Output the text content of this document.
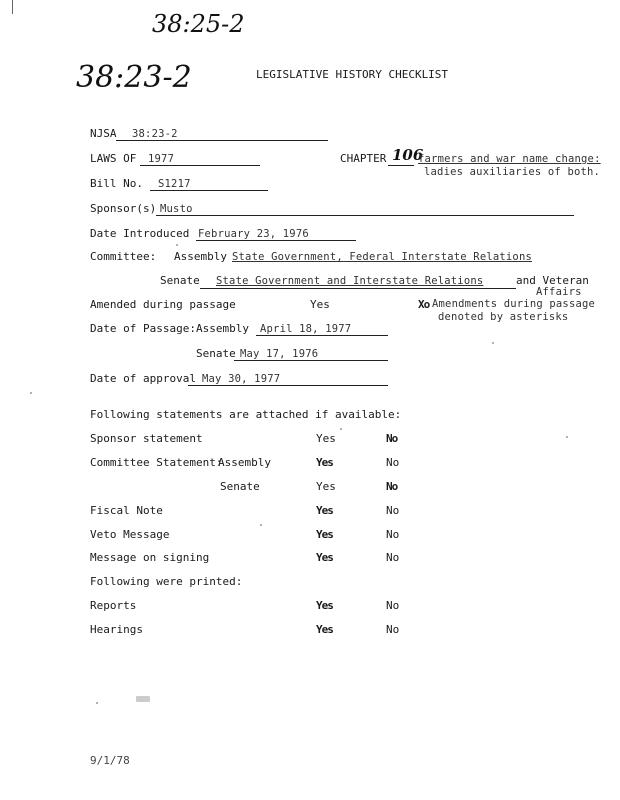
38:25-2
38:23-2	LEGISLATIVE HISTORY CHECKLIST
NJSA 38:23-2
LAWS OF 1977	CHAPTER 106
farmers and war name change:
ladies auxiliaries of both.
Bill No. S1217
Sponsor(s) Musto
Date Introduced February 23, 1976
Committee: Assembly State Government, Federal Interstate Relations
Senate State Government and Interstate Relations	and Veteran
Affairs
Amended during passage	Yes	Xo Amendments during passage
denoted by asterisks
Date of Passage: Assembly April 18, 1977
Senate May 17, 1976
Date of approval May 30, 1977
Following statements are attached if available:
Sponsor statement	Yes	No
Committee Statement:
Assembly	Yes	No
Senate	Yes	No
Fiscal Note	Yes	No
Veto Message	Yes	No
Message on signing	Yes	No
Following were printed:
Reports	Yes	No
Hearings	Yes	No
9/1/78
